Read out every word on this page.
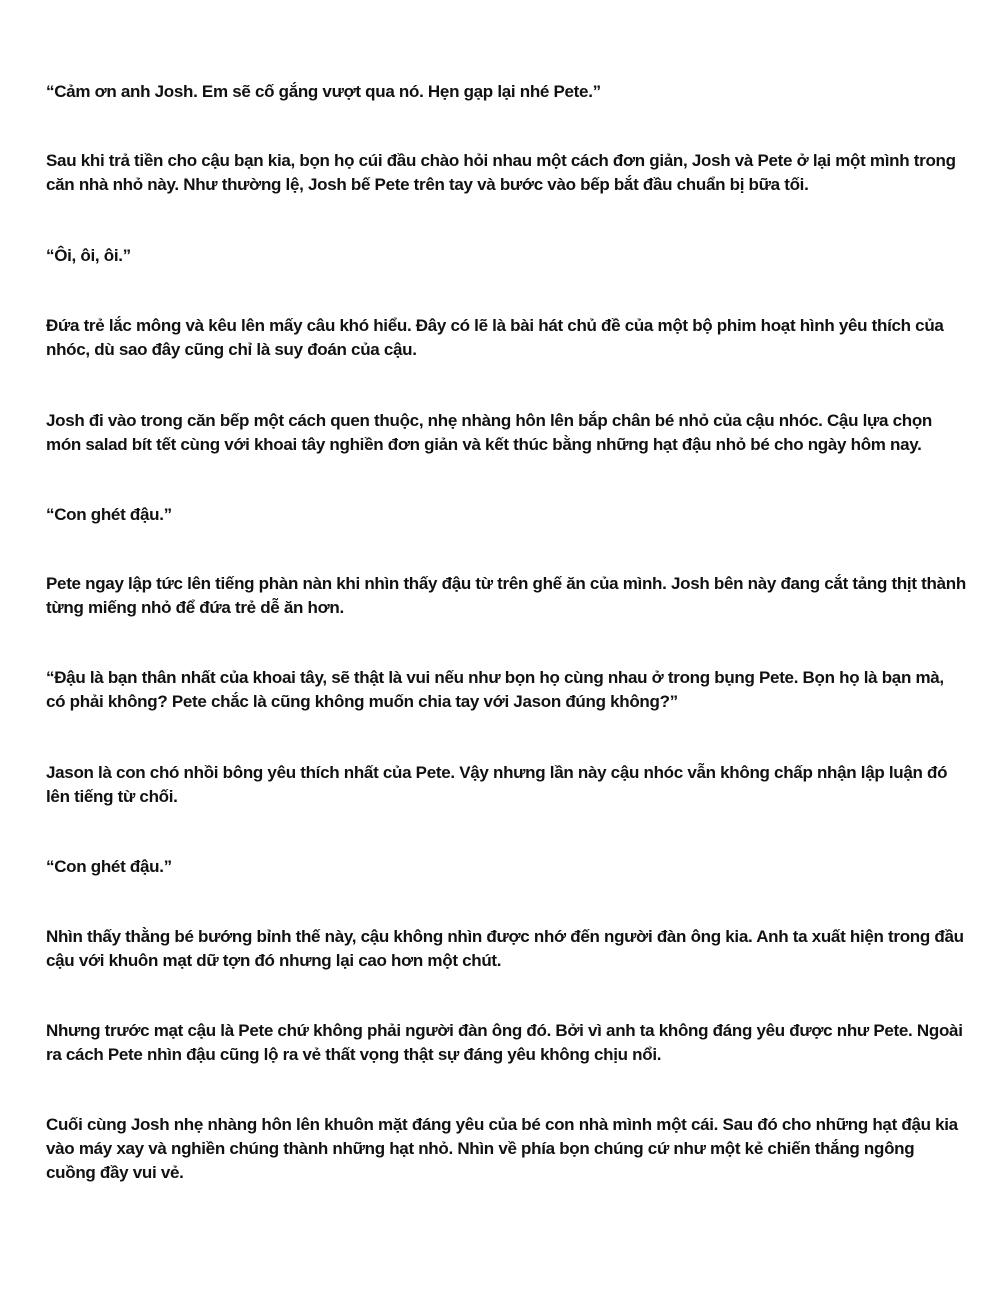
“Cảm ơn anh Josh. Em sẽ cố gắng vượt qua nó. Hẹn gạp lại nhé Pete.”

Sau khi trả tiền cho cậu bạn kia, bọn họ cúi đầu chào hỏi nhau một cách đơn giản, Josh và Pete ở lại một mình trong căn nhà nhỏ này. Như thường lệ, Josh bế Pete trên tay và bước vào bếp bắt đầu chuẩn bị bữa tối.

“Ôi, ôi, ôi.”

Đứa trẻ lắc mông và kêu lên mấy câu khó hiểu. Đây có lẽ là bài hát chủ đề của một bộ phim hoạt hình yêu thích của nhóc, dù sao đây cũng chỉ là suy đoán của cậu.

Josh đi vào trong căn bếp một cách quen thuộc, nhẹ nhàng hôn lên bắp chân bé nhỏ của cậu nhóc. Cậu lựa chọn món salad bít tết cùng với khoai tây nghiền đơn giản và kết thúc bằng những hạt đậu nhỏ bé cho ngày hôm nay.

“Con ghét đậu.”

Pete ngay lập tức lên tiếng phàn nàn khi nhìn thấy đậu từ trên ghế ăn của mình. Josh bên này đang cắt tảng thịt thành từng miếng nhỏ để đứa trẻ dễ ăn hơn.

“Đậu là bạn thân nhất của khoai tây, sẽ thật là vui nếu như bọn họ cùng nhau ở trong bụng Pete. Bọn họ là bạn mà, có phải không? Pete chắc là cũng không muốn chia tay với Jason đúng không?”

Jason là con chó nhồi bông yêu thích nhất của Pete. Vậy nhưng lần này cậu nhóc vẫn không chấp nhận lập luận đó lên tiếng từ chối.

“Con ghét đậu.”

Nhìn thấy thằng bé bướng bỉnh thế này, cậu không nhìn được nhớ đến người đàn ông kia. Anh ta xuất hiện trong đầu cậu với khuôn mạt dữ tợn đó nhưng lại cao hơn một chút.

Nhưng trước mạt cậu là Pete chứ không phải người đàn ông đó. Bởi vì anh ta không đáng yêu được như Pete. Ngoài ra cách Pete nhìn đậu cũng lộ ra vẻ thất vọng thật sự đáng yêu không chịu nổi.

Cuối cùng Josh nhẹ nhàng hôn lên khuôn mặt đáng yêu của bé con nhà mình một cái. Sau đó cho những hạt đậu kia vào máy xay và nghiền chúng thành những hạt nhỏ. Nhìn về phía bọn chúng cứ như một kẻ chiến thắng ngông cuồng đầy vui vẻ.
